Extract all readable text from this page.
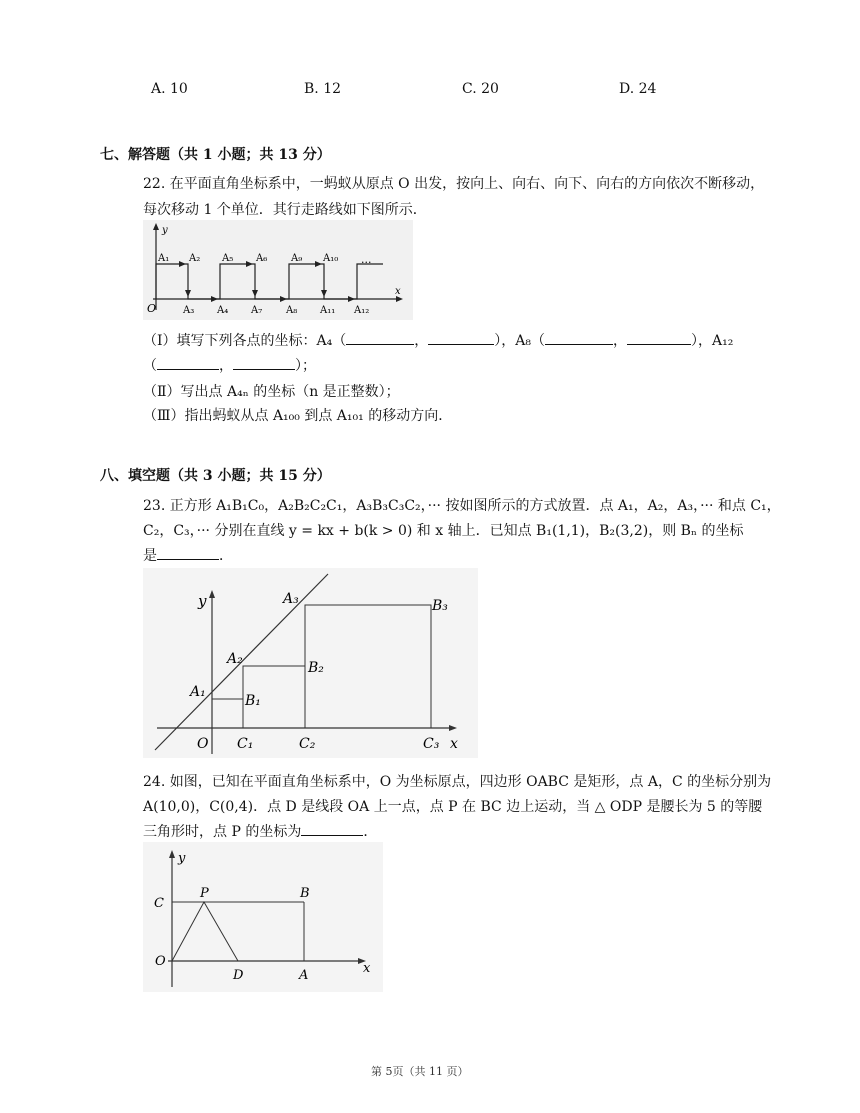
A. 10	B. 12	C. 20	D. 24
七、解答题（共 1 小题；共 13 分）
22. 在平面直角坐标系中，一蚂蚁从原点 O 出发，按向上、向右、向下、向右的方向依次不断移动，
每次移动 1 个单位．其行走路线如下图所示．
y
x
O
···
A₁ A₂
A₃ A₄
A₅ A₆
A₇ A₈
A₉ A₁₀
A₁₁ A₁₂
（Ⅰ）填写下列各点的坐标：A₄（	，	），A₈（	，	），A₁₂
（	，	）；
（Ⅱ）写出点 A₄ₙ 的坐标（n 是正整数）；
（Ⅲ）指出蚂蚁从点 A₁₀₀ 到点 A₁₀₁ 的移动方向．
八、填空题（共 3 小题；共 15 分）
23. 正方形 A₁B₁C₀，A₂B₂C₂C₁，A₃B₃C₃C₂，··· 按如图所示的方式放置．点 A₁，A₂，A₃，··· 和点 C₁，
C₂，C₃，··· 分别在直线 y = kx + b(k > 0) 和 x 轴上．已知点 B₁(1,1)，B₂(3,2)，则 Bₙ 的坐标
是	．
y
x
O
A₁
A₂
A₃
B₁
B₂
B₃
C₁	C₂	C₃
24. 如图，已知在平面直角坐标系中，O 为坐标原点，四边形 OABC 是矩形，点 A，C 的坐标分别为
A(10,0)，C(0,4)．点 D 是线段 OA 上一点，点 P 在 BC 边上运动，当 △ ODP 是腰长为 5 的等腰
三角形时，点 P 的坐标为	．
y
x
O
C
P	B
D	A
第 5页（共 11 页）
